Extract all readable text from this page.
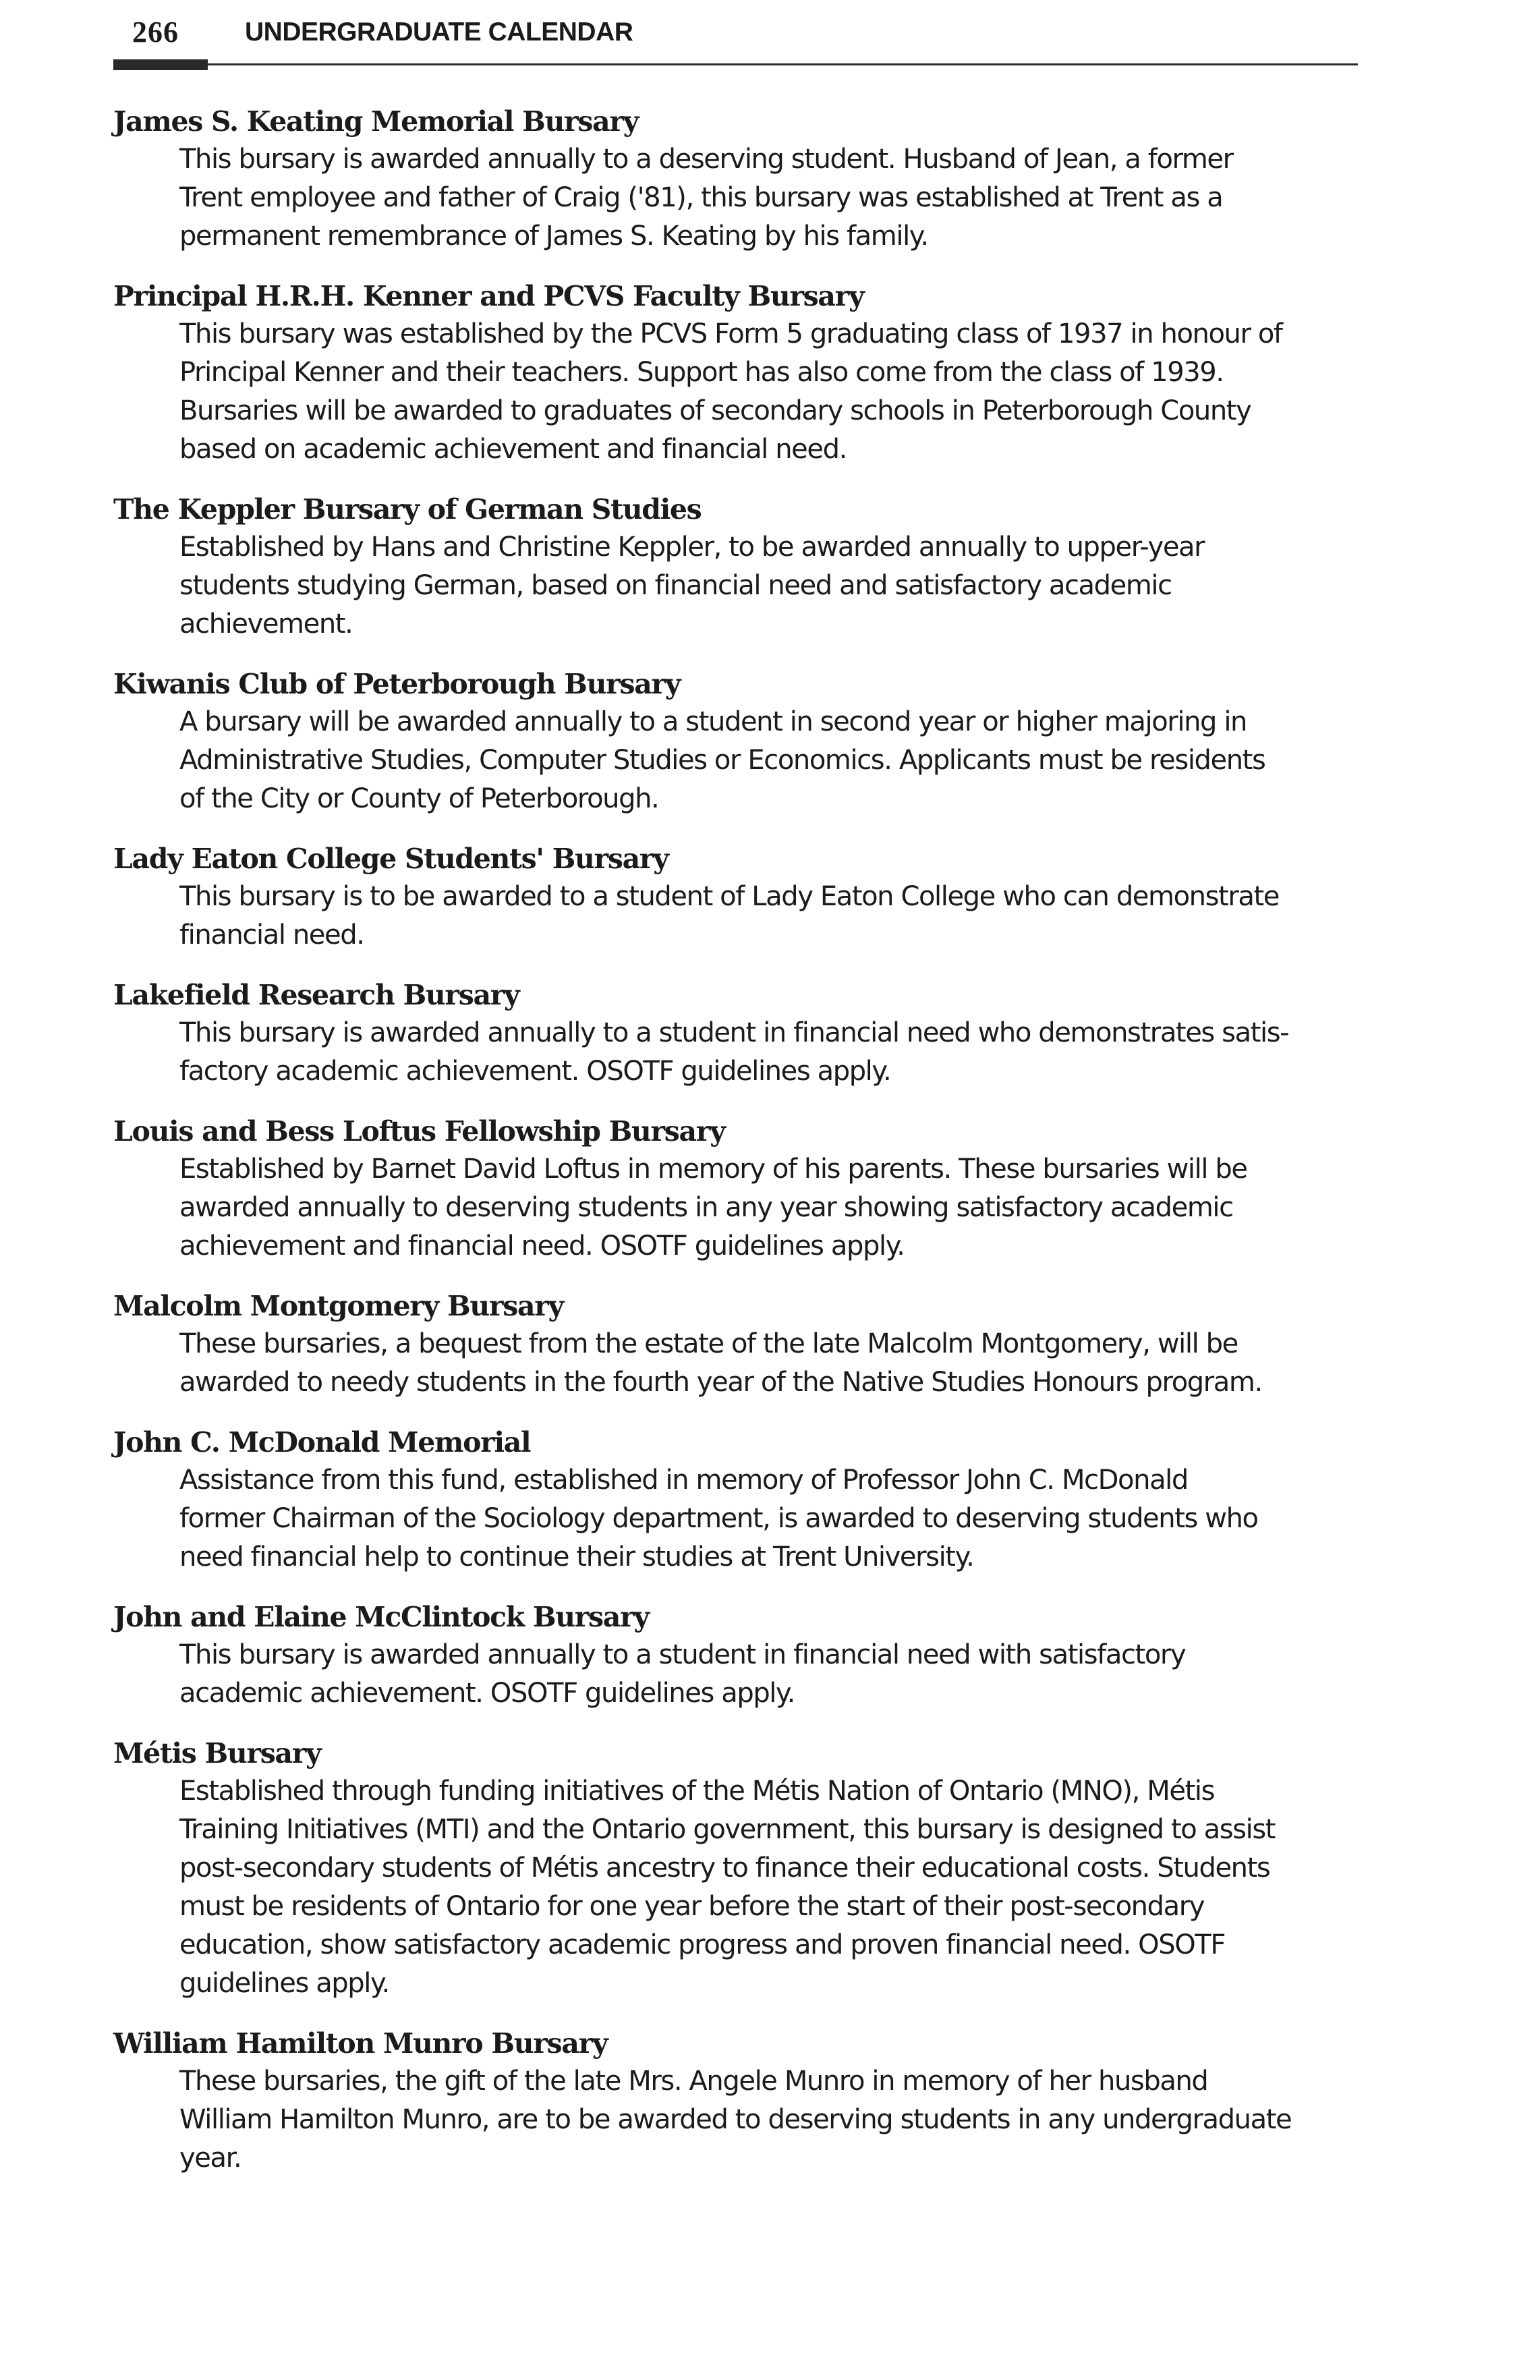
266	UNDERGRADUATE CALENDAR
James S. Keating Memorial Bursary
This bursary is awarded annually to a deserving student. Husband of Jean, a former
Trent employee and father of Craig ('81), this bursary was established at Trent as a
permanent remembrance of James S. Keating by his family.
Principal H.R.H. Kenner and PCVS Faculty Bursary
This bursary was established by the PCVS Form 5 graduating class of 1937 in honour of
Principal Kenner and their teachers. Support has also come from the class of 1939.
Bursaries will be awarded to graduates of secondary schools in Peterborough County
based on academic achievement and financial need.
The Keppler Bursary of German Studies
Established by Hans and Christine Keppler, to be awarded annually to upper-year
students studying German, based on financial need and satisfactory academic
achievement.
Kiwanis Club of Peterborough Bursary
A bursary will be awarded annually to a student in second year or higher majoring in
Administrative Studies, Computer Studies or Economics. Applicants must be residents
of the City or County of Peterborough.
Lady Eaton College Students' Bursary
This bursary is to be awarded to a student of Lady Eaton College who can demonstrate
financial need.
Lakefield Research Bursary
This bursary is awarded annually to a student in financial need who demonstrates satis-
factory academic achievement. OSOTF guidelines apply.
Louis and Bess Loftus Fellowship Bursary
Established by Barnet David Loftus in memory of his parents. These bursaries will be
awarded annually to deserving students in any year showing satisfactory academic
achievement and financial need. OSOTF guidelines apply.
Malcolm Montgomery Bursary
These bursaries, a bequest from the estate of the late Malcolm Montgomery, will be
awarded to needy students in the fourth year of the Native Studies Honours program.
John C. McDonald Memorial
Assistance from this fund, established in memory of Professor John C. McDonald
former Chairman of the Sociology department, is awarded to deserving students who
need financial help to continue their studies at Trent University.
John and Elaine McClintock Bursary
This bursary is awarded annually to a student in financial need with satisfactory
academic achievement. OSOTF guidelines apply.
Métis Bursary
Established through funding initiatives of the Métis Nation of Ontario (MNO), Métis
Training Initiatives (MTI) and the Ontario government, this bursary is designed to assist
post-secondary students of Métis ancestry to finance their educational costs. Students
must be residents of Ontario for one year before the start of their post-secondary
education, show satisfactory academic progress and proven financial need. OSOTF
guidelines apply.
William Hamilton Munro Bursary
These bursaries, the gift of the late Mrs. Angele Munro in memory of her husband
William Hamilton Munro, are to be awarded to deserving students in any undergraduate
year.
